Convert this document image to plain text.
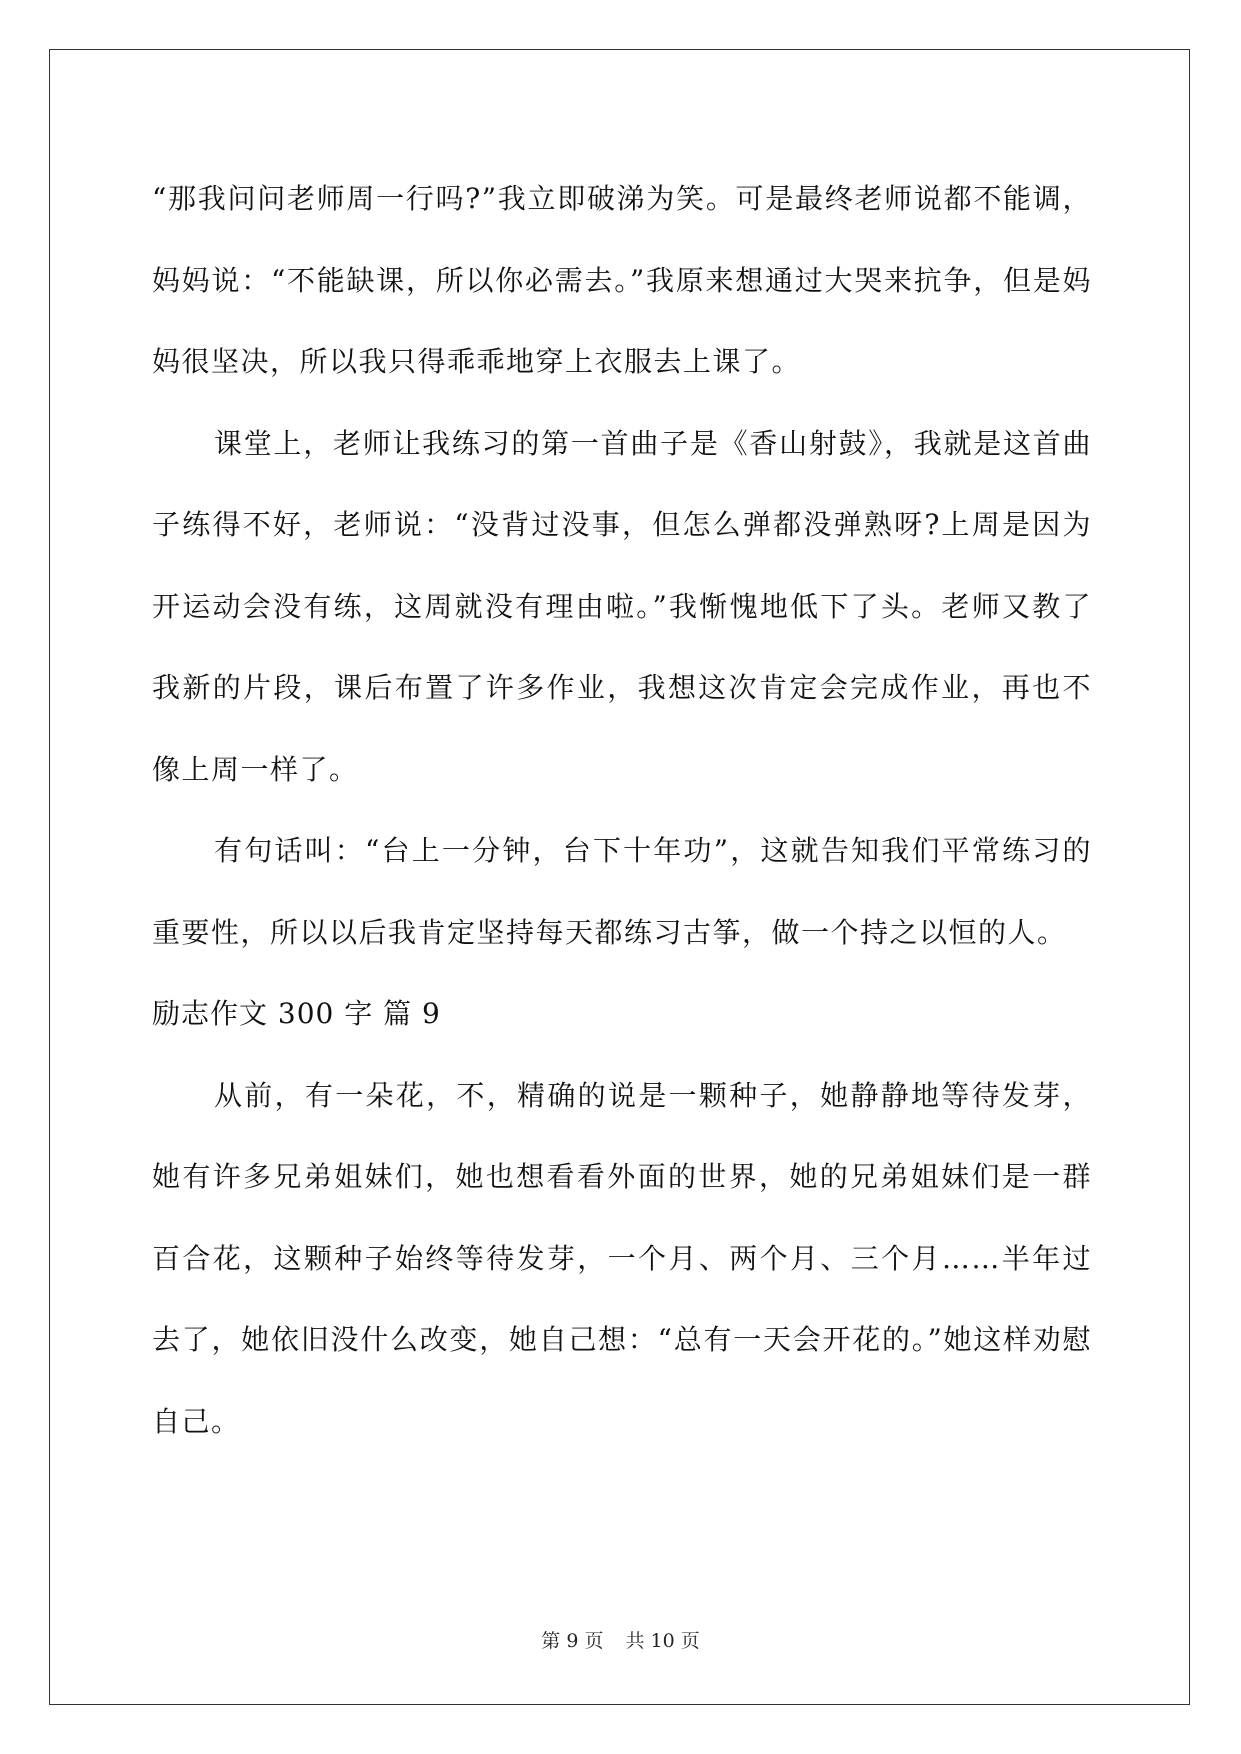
“那我问问老师周一行吗?”我立即破涕为笑。可是最终老师说都不能调，妈妈说：“不能缺课，所以你必需去。”我原来想通过大哭来抗争，但是妈妈很坚决，所以我只得乖乖地穿上衣服去上课了。

课堂上，老师让我练习的第一首曲子是《香山射鼓》，我就是这首曲子练得不好，老师说：“没背过没事，但怎么弹都没弹熟呀?上周是因为开运动会没有练，这周就没有理由啦。”我惭愧地低下了头。老师又教了我新的片段，课后布置了许多作业，我想这次肯定会完成作业，再也不像上周一样了。

有句话叫：“台上一分钟，台下十年功”，这就告知我们平常练习的重要性，所以以后我肯定坚持每天都练习古筝，做一个持之以恒的人。

励志作文 300 字 篇 9

从前，有一朵花，不，精确的说是一颗种子，她静静地等待发芽，她有许多兄弟姐妹们，她也想看看外面的世界，她的兄弟姐妹们是一群百合花，这颗种子始终等待发芽，一个月、两个月、三个月……半年过去了，她依旧没什么改变，她自己想：“总有一天会开花的。”她这样劝慰自己。

第 9 页 共 10 页
